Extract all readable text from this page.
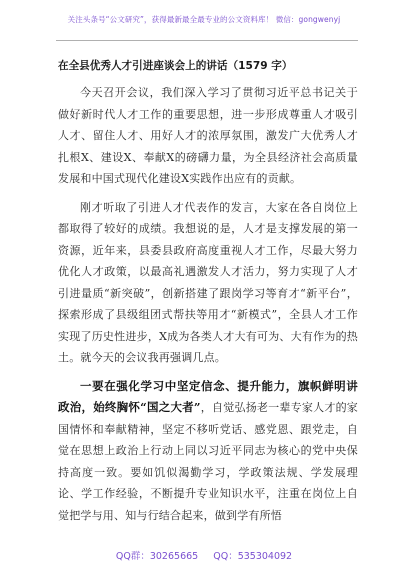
关注头条号“公文研究”，获得最新最全最专业的公文资料库！ 微信：gongwenyj
在全县优秀人才引进座谈会上的讲话（1579 字）

今天召开会议，我们深入学习了贯彻习近平总书记关于做好新时代人才工作的重要思想，进一步形成尊重人才吸引人才、留住人才、用好人才的浓厚氛围，激发广大优秀人才扎根X、建设X、奉献X的磅礴力量，为全县经济社会高质量发展和中国式现代化建设X实践作出应有的贡献。

刚才听取了引进人才代表作的发言，大家在各自岗位上都取得了较好的成绩。我想说的是，人才是支撑发展的第一资源，近年来，县委县政府高度重视人才工作，尽最大努力优化人才政策，以最高礼遇激发人才活力，努力实现了人才引进量质“新突破”，创新搭建了跟岗学习等育才“新平台”，探索形成了县级组团式帮扶等用才“新模式”，全县人才工作实现了历史性进步，X成为各类人才大有可为、大有作为的热土。就今天的会议我再强调几点。

一要在强化学习中坚定信念、提升能力，旗帜鲜明讲政治，始终胸怀“国之大者”，自觉弘扬老一辈专家人才的家国情怀和奉献精神，坚定不移听党话、感党恩、跟党走，自觉在思想上政治上行动上同以习近平同志为核心的党中央保持高度一致。要如饥似渴勤学习，学政策法规、学发展理论、学工作经验，不断提升专业知识水平，注重在岗位上自觉把学与用、知与行结合起来，做到学有所悟

QQ群：30265665 QQ：535304092
